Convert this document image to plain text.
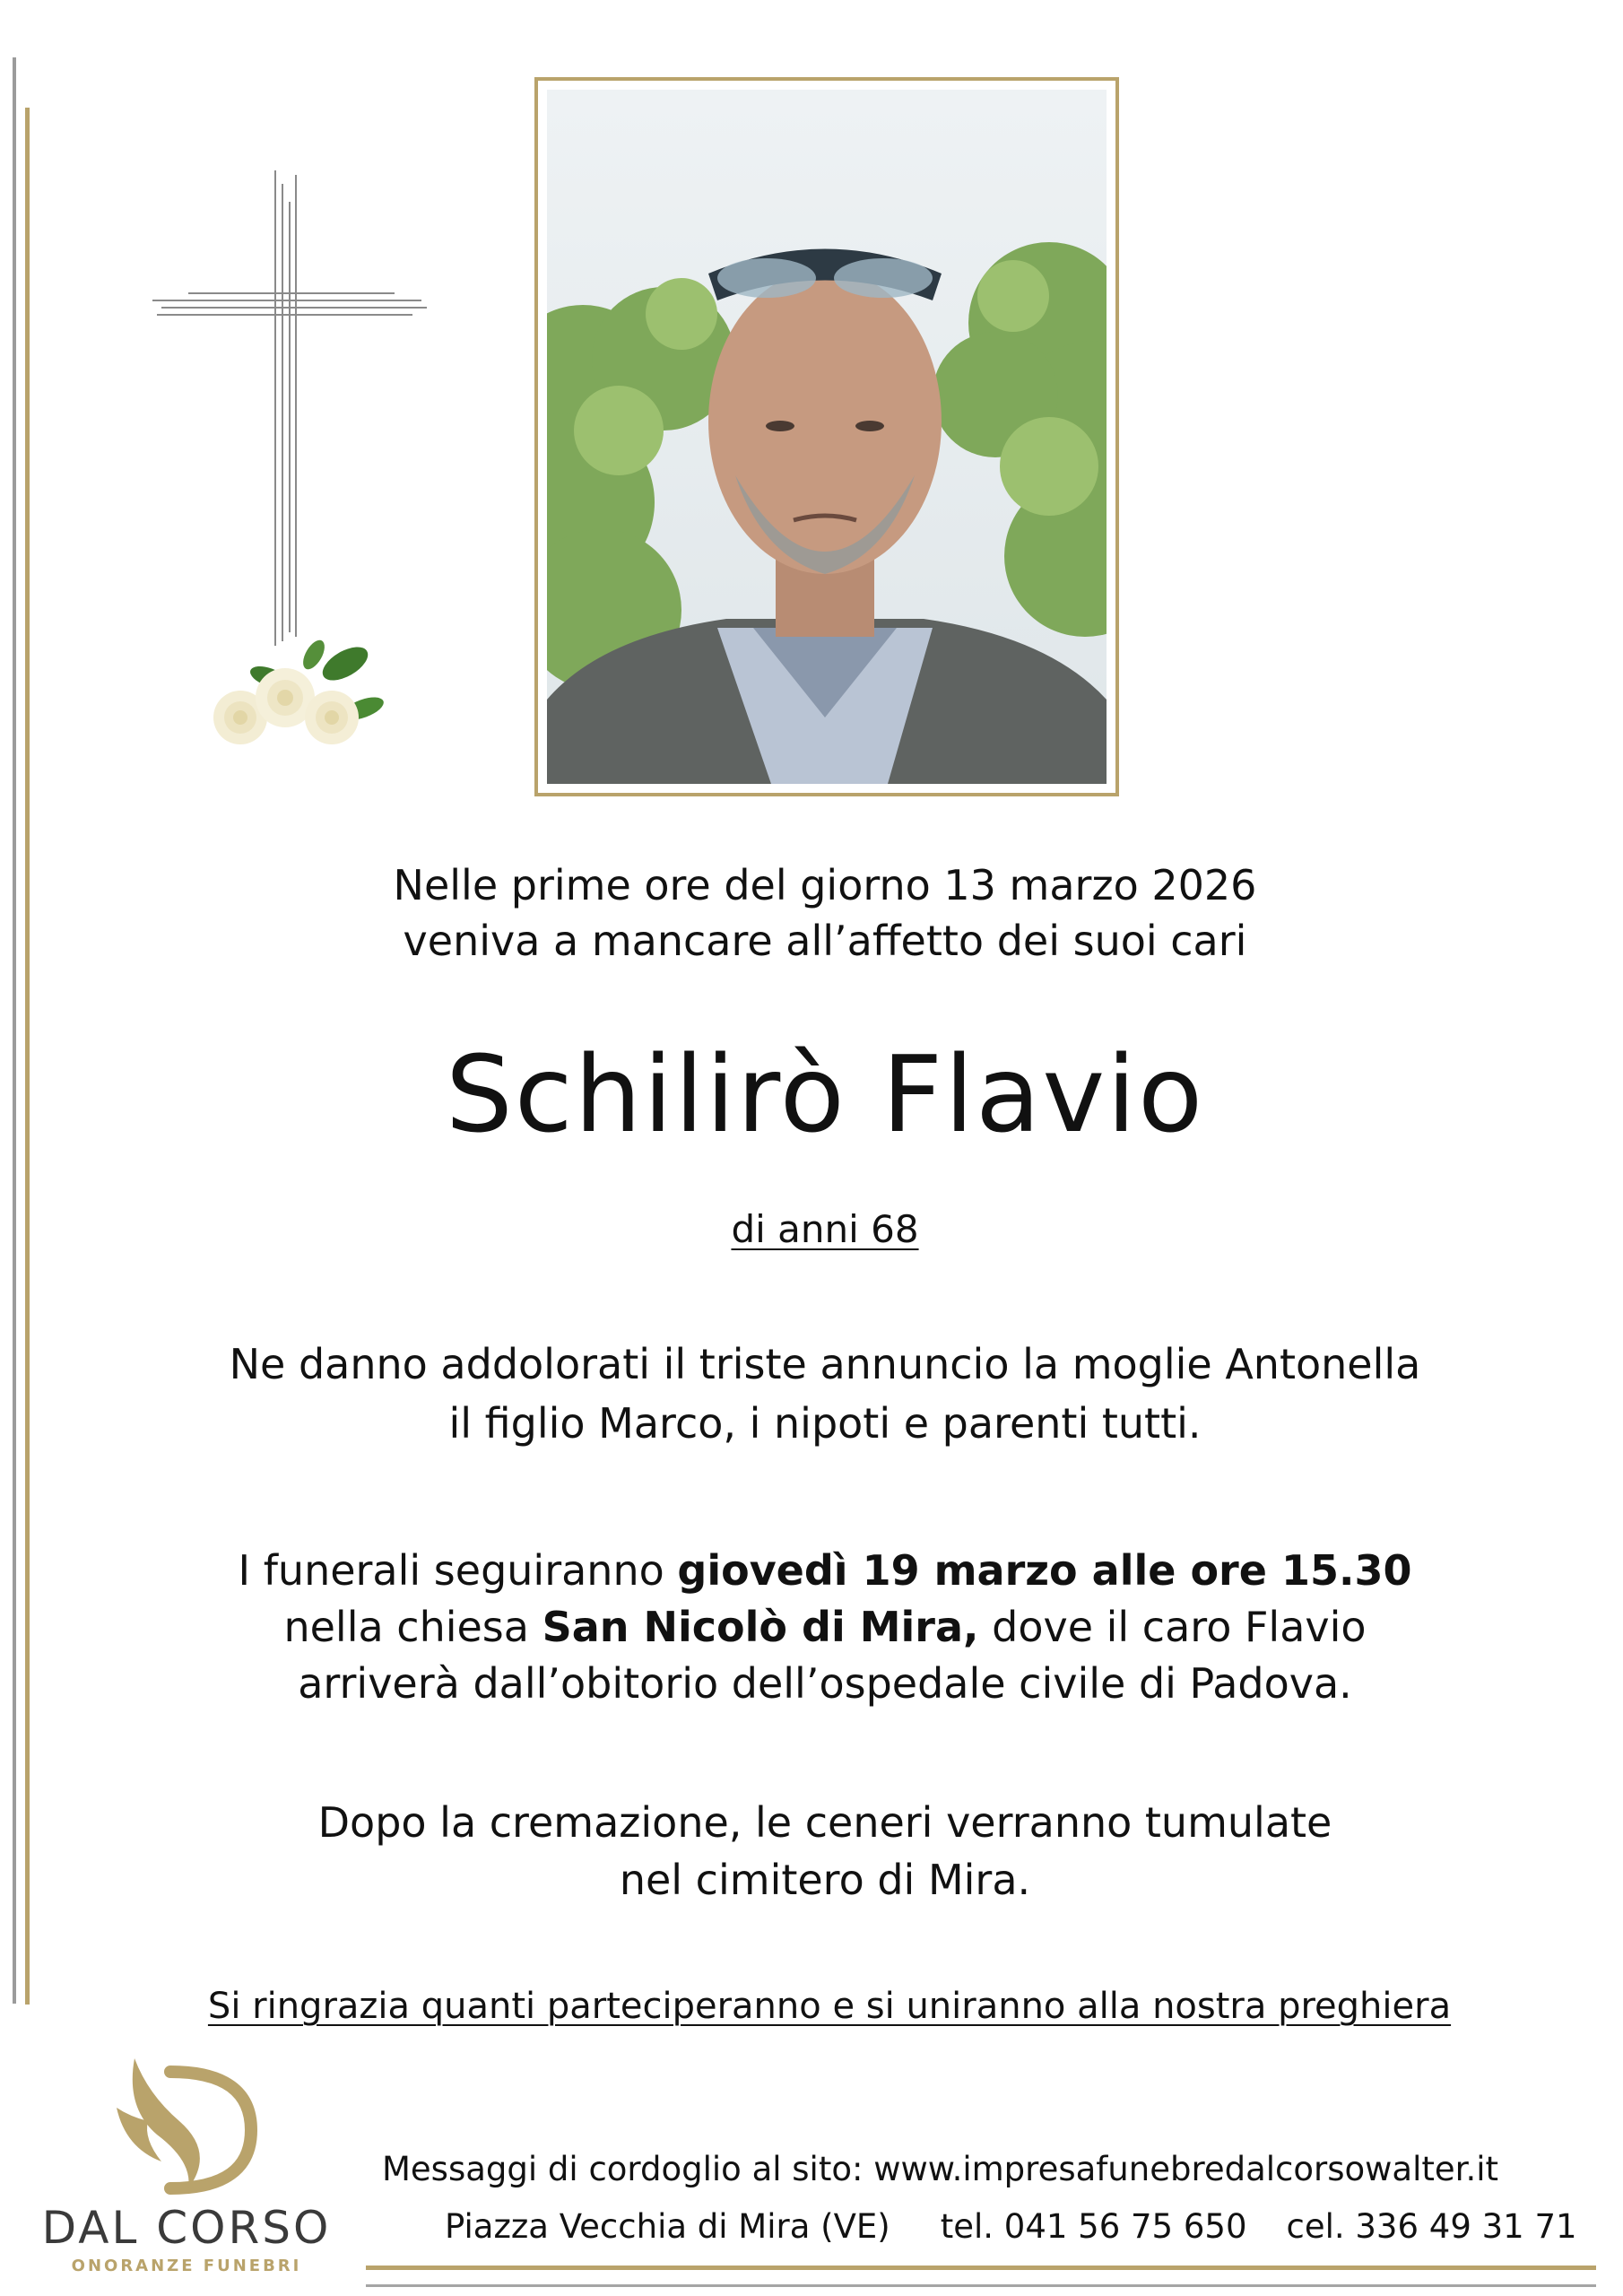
Nelle prime ore del giorno 13 marzo 2026
veniva a mancare all’affetto dei suoi cari
Schilirò Flavio
di anni 68
Ne danno addolorati il triste annuncio la moglie Antonella
il figlio Marco, i nipoti e parenti tutti.
I funerali seguiranno giovedì 19 marzo alle ore 15.30
nella chiesa San Nicolò di Mira, dove il caro Flavio
arriverà dall’obitorio dell’ospedale civile di Padova.
Dopo la cremazione, le ceneri verranno tumulate
nel cimitero di Mira.
Si ringrazia quanti parteciperanno e si uniranno alla nostra preghiera
DAL CORSO
ONORANZE FUNEBRI
Messaggi di cordoglio al sito: www.impresafunebredalcorsowalter.it
Piazza Vecchia di Mira (VE) tel. 041 56 75 650 cel. 336 49 31 71
